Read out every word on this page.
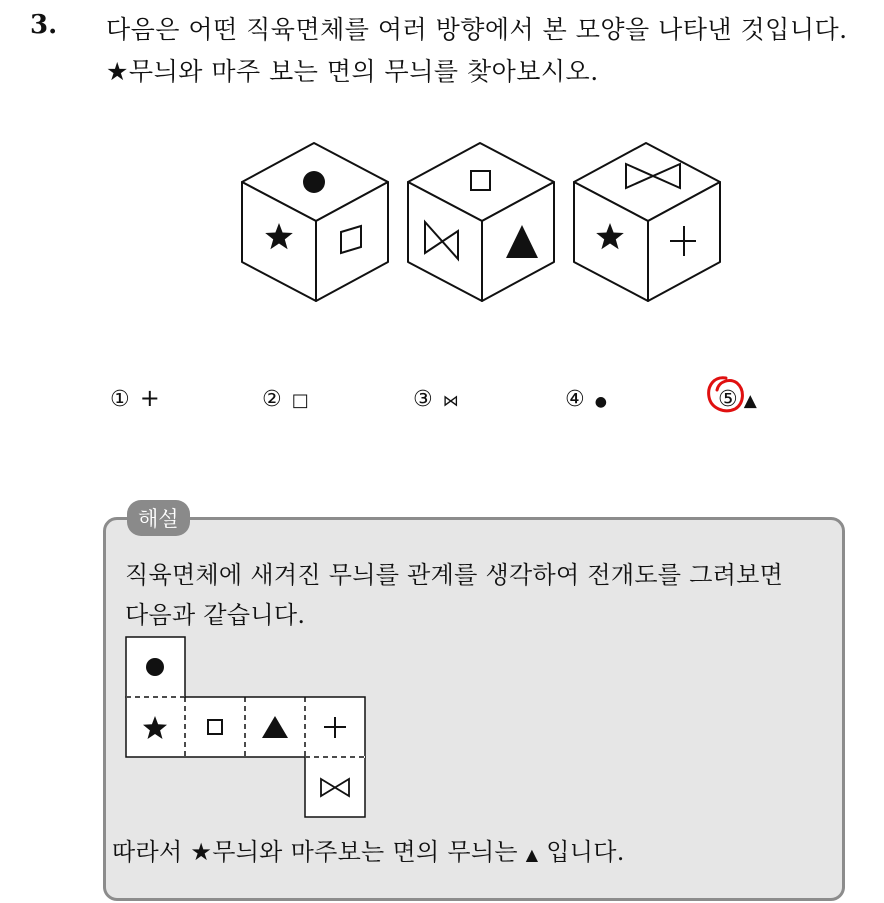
3. 다음은 어떤 직육면체를 여러 방향에서 본 모양을 나타낸 것입니다.
★무늬와 마주 보는 면의 무늬를 찾아보시오.
① +	② □	③ ⋈	④ ●	⑤ ▲
해설
직육면체에 새겨진 무늬를 관계를 생각하여 전개도를 그려보면
다음과 같습니다.
따라서 ★무늬와 마주보는 면의 무늬는 ▲ 입니다.
